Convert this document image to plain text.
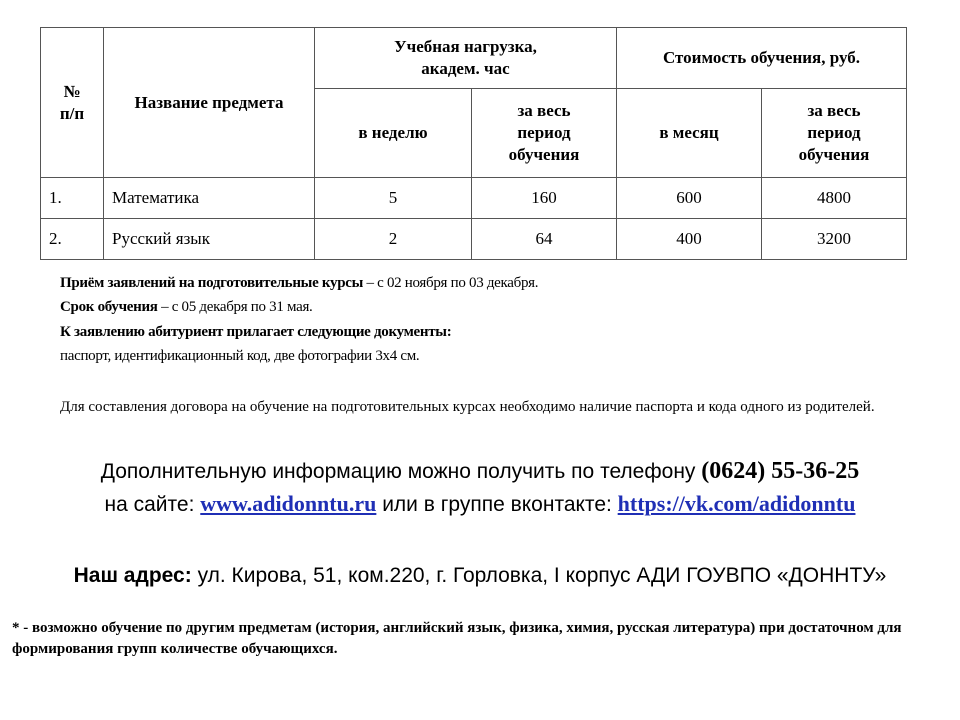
№ п/п	Название предмета	Учебная нагрузка, академ. час		Стоимость обучения, руб.	
		в неделю	за весь период обучения	в месяц	за весь период обучения
1.	Математика	5	160	600	4800
2.	Русский язык	2	64	400	3200
Приём заявлений на подготовительные курсы – с 02 ноября по 03 декабря.
Срок обучения – с 05 декабря по 31 мая.
К заявлению абитуриент прилагает следующие документы:
паспорт, идентификационный код, две фотографии 3х4 см.
Для составления договора на обучение на подготовительных курсах необходимо наличие паспорта и кода одного из родителей.
Дополнительную информацию можно получить по телефону (0624) 55-36-25
на сайте: www.adidonntu.ru или в группе вконтакте: https://vk.com/adidonntu
Наш адрес: ул. Кирова, 51, ком.220, г. Горловка, I корпус АДИ ГОУВПО «ДОННТУ»
* - возможно обучение по другим предметам (история, английский язык, физика, химия, русская литература) при достаточном для формирования групп количестве обучающихся.
